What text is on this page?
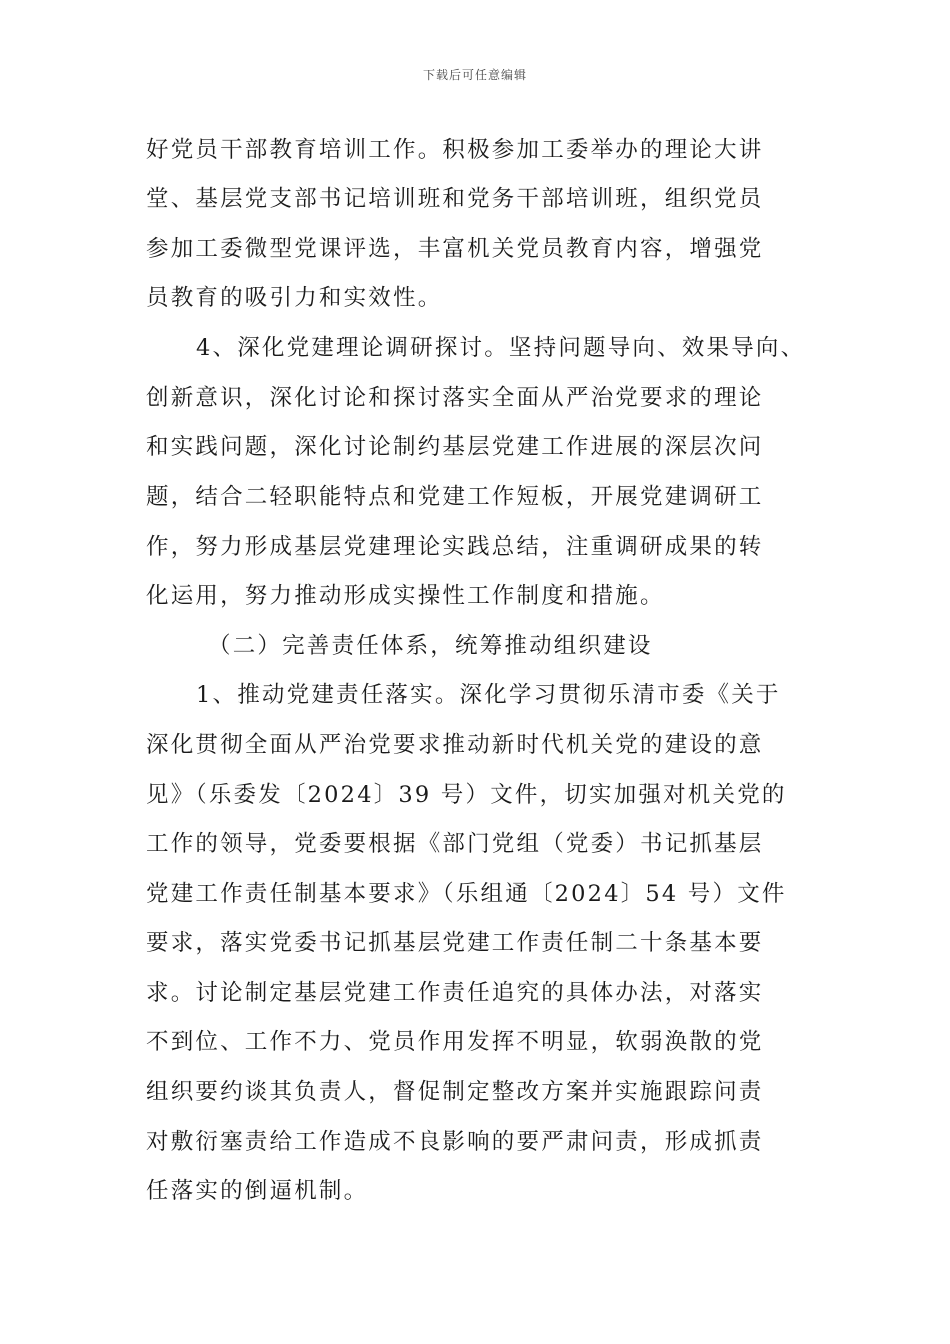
下载后可任意编辑
好党员干部教育培训工作。积极参加工委举办的理论大讲
堂、基层党支部书记培训班和党务干部培训班，组织党员
参加工委微型党课评选，丰富机关党员教育内容，增强党
员教育的吸引力和实效性。
4、深化党建理论调研探讨。坚持问题导向、效果导向、
创新意识，深化讨论和探讨落实全面从严治党要求的理论
和实践问题，深化讨论制约基层党建工作进展的深层次问
题，结合二轻职能特点和党建工作短板，开展党建调研工
作，努力形成基层党建理论实践总结，注重调研成果的转
化运用，努力推动形成实操性工作制度和措施。
（二）完善责任体系，统筹推动组织建设
1、推动党建责任落实。深化学习贯彻乐清市委《关于
深化贯彻全面从严治党要求推动新时代机关党的建设的意
见》（乐委发〔2024〕39 号）文件，切实加强对机关党的
工作的领导，党委要根据《部门党组（党委）书记抓基层
党建工作责任制基本要求》（乐组通〔2024〕54 号）文件
要求，落实党委书记抓基层党建工作责任制二十条基本要
求。讨论制定基层党建工作责任追究的具体办法，对落实
不到位、工作不力、党员作用发挥不明显，软弱涣散的党
组织要约谈其负责人，督促制定整改方案并实施跟踪问责
对敷衍塞责给工作造成不良影响的要严肃问责，形成抓责
任落实的倒逼机制。
